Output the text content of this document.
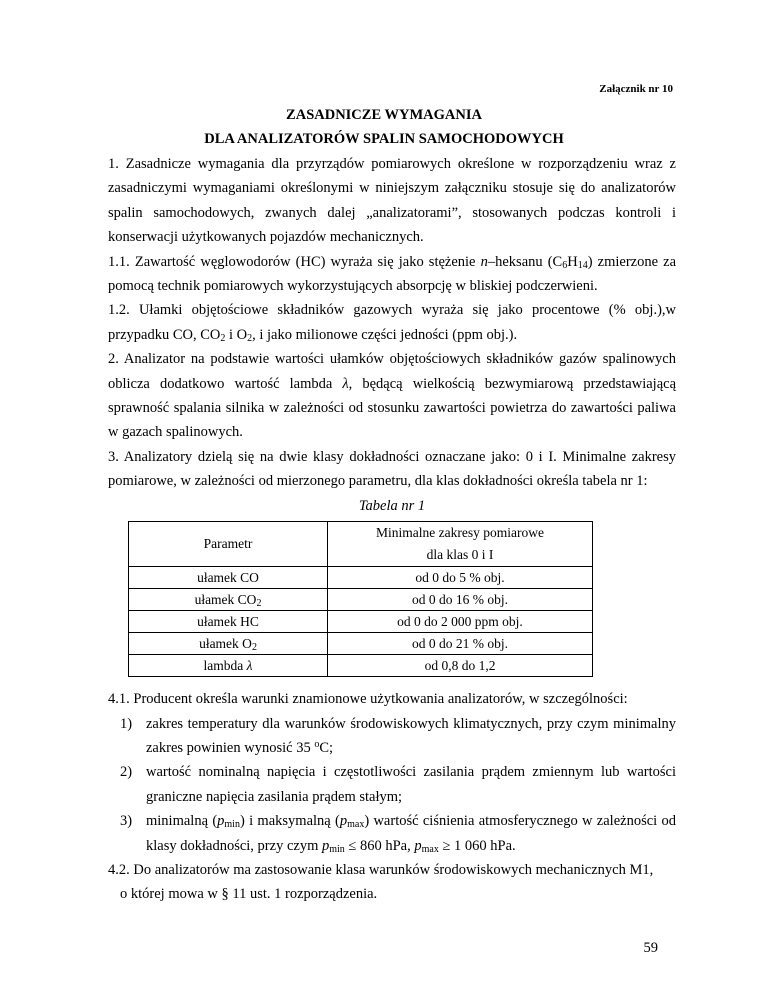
Załącznik nr 10
ZASADNICZE WYMAGANIA
DLA ANALIZATORÓW SPALIN SAMOCHODOWYCH

1. Zasadnicze wymagania dla przyrządów pomiarowych określone w rozporządzeniu wraz z zasadniczymi wymaganiami określonymi w niniejszym załączniku stosuje się do analizatorów spalin samochodowych, zwanych dalej „analizatorami”, stosowanych podczas kontroli i konserwacji użytkowanych pojazdów mechanicznych.

1.1. Zawartość węglowodorów (HC) wyraża się jako stężenie n–heksanu $(C_6H_{14})$ zmierzone za pomocą technik pomiarowych wykorzystujących absorpcję w bliskiej podczerwieni.

1.2. Ułamki objętościowe składników gazowych wyraża się jako procentowe (% obj.),w przypadku CO, $CO_2$ i $O_2$, i jako milionowe części jedności (ppm obj.).

2. Analizator na podstawie wartości ułamków objętościowych składników gazów spalinowych oblicza dodatkowo wartość lambda λ, będącą wielkością bezwymiarową przedstawiającą sprawność spalania silnika w zależności od stosunku zawartości powietrza do zawartości paliwa w gazach spalinowych.

3. Analizatory dzielą się na dwie klasy dokładności oznaczane jako: 0 i I. Minimalne zakresy pomiarowe, w zależności od mierzonego parametru, dla klas dokładności określa tabela nr 1:

Tabela nr 1

Parametr	Minimalne zakresy pomiarowe
dla klas 0 i I
ułamek CO	od 0 do 5 % obj.
ułamek $CO_2$	od 0 do 16 % obj.
ułamek HC	od 0 do 2 000 ppm obj.
ułamek $O_2$	od 0 do 21 % obj.
lambda λ	od 0,8 do 1,2

4.1. Producent określa warunki znamionowe użytkowania analizatorów, w szczególności:

1) zakres temperatury dla warunków środowiskowych klimatycznych, przy czym minimalny zakres powinien wynosić 35 $^o$C;
2) wartość nominalną napięcia i częstotliwości zasilania prądem zmiennym lub wartości graniczne napięcia zasilania prądem stałym;
3) minimalną $(p_{min})$ i maksymalną $(p_{max})$ wartość ciśnienia atmosferycznego w zależności od klasy dokładności, przy czym $p_{min} \le 860$ hPa, $p_{max} \ge 1$ 060 hPa.

4.2. Do analizatorów ma zastosowanie klasa warunków środowiskowych mechanicznych M1,

o której mowa w § 11 ust. 1 rozporządzenia.

59
